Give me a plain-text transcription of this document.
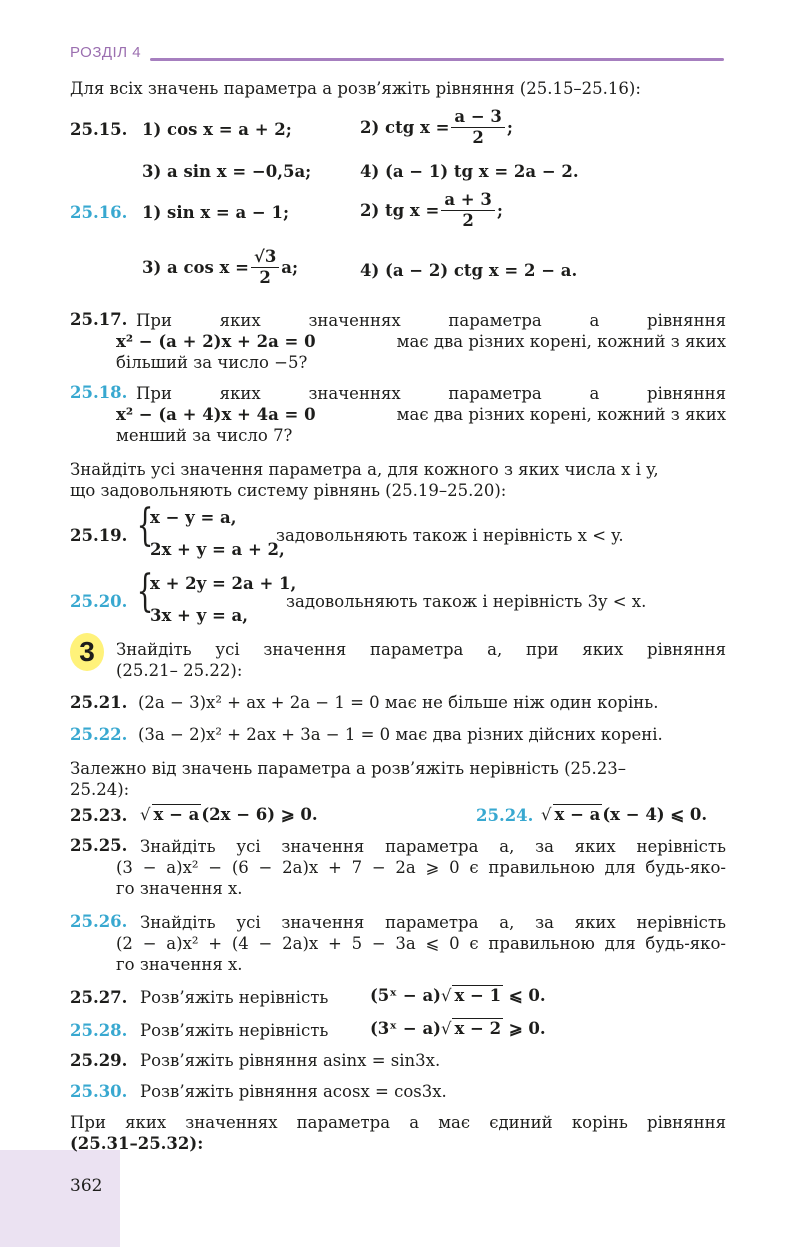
РОЗДІЛ 4
Для всіх значень параметра a розв’яжіть рівняння (25.15–25.16):
25.15. 1) cos x = a + 2;	2) ctg $x = \frac{a - 3}{2}$ ;
3) a sin x = −0,5a;	4) (a − 1) tg x = 2a − 2.
25.16. 1) sin x = a − 1;	2) tg $x = \frac{a + 3}{2}$ ;
3) a $\cos x = \frac{√3}{2} a$;	4) (a − 2) ctg x = 2 − a.
25.17. При яких значеннях параметра a рівняння
x² − (a + 2)x + 2a = 0	має два різних корені, кожний з яких
більший за число −5?
25.18. При яких значеннях параметра a рівняння
x² − (a + 4)x + 4a = 0	має два різних корені, кожний з яких
менший за число 7?
Знайдіть усі значення параметра a, для кожного з яких числа x і y,
що задовольняють систему рівнянь (25.19–25.20):
25.19. {
x − y = a,
2x + y = a + 2,
задовольняють також і нерівність x < y.
25.20. {
x + 2y = 2a + 1,
3x + y = a,
задовольняють також і нерівність 3y < x.
3	Знайдіть усі значення параметра a, при яких рівняння
(25.21– 25.22):
25.21. (2a − 3)x² + ax + 2a − 1 = 0 має не більше ніж один корінь.
25.22. (3a − 2)x² + 2ax + 3a − 1 = 0 має два різних дійсних корені.
Залежно від значень параметра a розв’яжіть нерівність (25.23–
25.24):
25.23. √ x − a (2x − 6) ⩾ 0.	25.24. √ x − a (x − 4) ⩽ 0.
25.25. Знайдіть усі значення параметра a, за яких нерівність
(3 − a)x² − (6 − 2a)x + 7 − 2a ⩾ 0 є правильною для будь-яко-
го значення x.
25.26. Знайдіть усі значення параметра a, за яких нерівність
(2 − a)x² + (4 − 2a)x + 5 − 3a ⩽ 0 є правильною для будь-яко-
го значення x.
25.27. Розв’яжіть нерівність	(5ˣ − a)√ x − 1 ⩽ 0.
25.28. Розв’яжіть нерівність	(3ˣ − a)√ x − 2 ⩾ 0.
25.29. Розв’яжіть рівняння asinx = sin3x.
25.30. Розв’яжіть рівняння acosx = cos3x.
При яких значеннях параметра a має єдиний корінь рівняння
(25.31–25.32):
362
